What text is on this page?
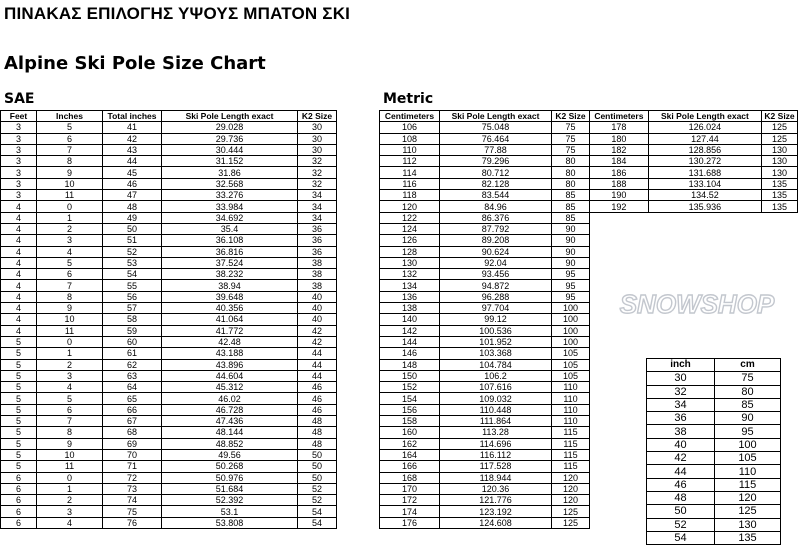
ΠΙΝΑΚΑΣ ΕΠΙΛΟΓΗΣ ΥΨΟΥΣ ΜΠΑΤΟΝ ΣΚΙ
Alpine Ski Pole Size Chart
SAE	Metric
Feet	Inches	Total inches	Ski Pole Length exact	K2 Size
3	5	41	29.028	30
3	6	42	29.736	30
3	7	43	30.444	30
3	8	44	31.152	32
3	9	45	31.86	32
3	10	46	32.568	32
3	11	47	33.276	34
4	0	48	33.984	34
4	1	49	34.692	34
4	2	50	35.4	36
4	3	51	36.108	36
4	4	52	36.816	36
4	5	53	37.524	38
4	6	54	38.232	38
4	7	55	38.94	38
4	8	56	39.648	40
4	9	57	40.356	40
4	10	58	41.064	40
4	11	59	41.772	42
5	0	60	42.48	42
5	1	61	43.188	44
5	2	62	43.896	44
5	3	63	44.604	44
5	4	64	45.312	46
5	5	65	46.02	46
5	6	66	46.728	46
5	7	67	47.436	48
5	8	68	48.144	48
5	9	69	48.852	48
5	10	70	49.56	50
5	11	71	50.268	50
6	0	72	50.976	50
6	1	73	51.684	52
6	2	74	52.392	52
6	3	75	53.1	54
6	4	76	53.808	54
Centimeters	Ski Pole Length exact	K2 Size
106	75.048	75
108	76.464	75
110	77.88	75
112	79.296	80
114	80.712	80
116	82.128	80
118	83.544	85
120	84.96	85
122	86.376	85
124	87.792	90
126	89.208	90
128	90.624	90
130	92.04	90
132	93.456	95
134	94.872	95
136	96.288	95
138	97.704	100
140	99.12	100
142	100.536	100
144	101.952	100
146	103.368	105
148	104.784	105
150	106.2	105
152	107.616	110
154	109.032	110
156	110.448	110
158	111.864	110
160	113.28	115
162	114.696	115
164	116.112	115
166	117.528	115
168	118.944	120
170	120.36	120
172	121.776	120
174	123.192	125
176	124.608	125
Centimeters	Ski Pole Length exact	K2 Size
178	126.024	125
180	127.44	125
182	128.856	130
184	130.272	130
186	131.688	130
188	133.104	135
190	134.52	135
192	135.936	135
inch	cm
30	75
32	80
34	85
36	90
38	95
40	100
42	105
44	110
46	115
48	120
50	125
52	130
54	135
SNOWSHOP
